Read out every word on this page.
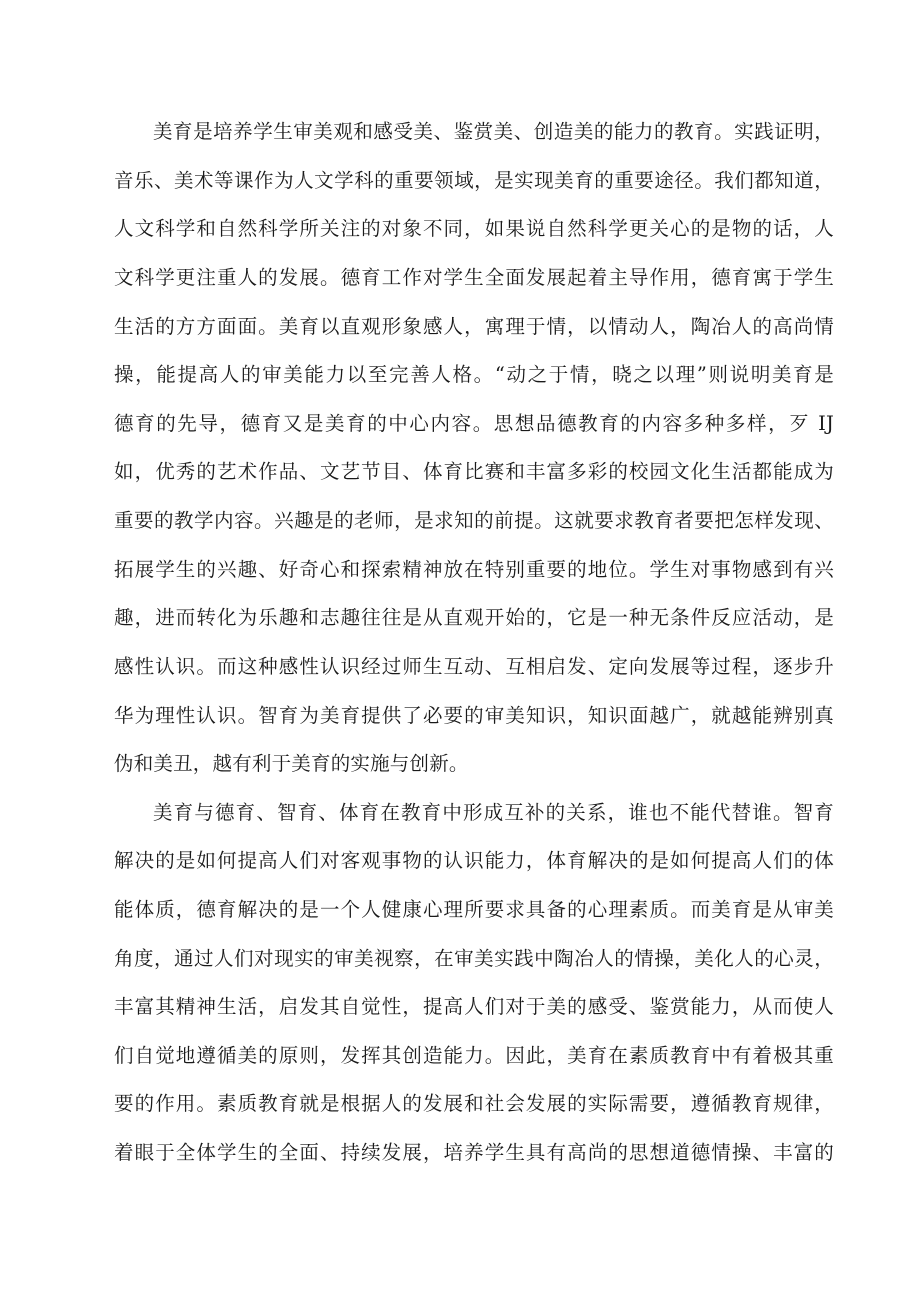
美育是培养学生审美观和感受美、鉴赏美、创造美的能力的教育。实践证明，
音乐、美术等课作为人文学科的重要领域，是实现美育的重要途径。我们都知道，
人文科学和自然科学所关注的对象不同，如果说自然科学更关心的是物的话，人
文科学更注重人的发展。德育工作对学生全面发展起着主导作用，德育寓于学生
生活的方方面面。美育以直观形象感人，寓理于情，以情动人，陶冶人的高尚情
操，能提高人的审美能力以至完善人格。“动之于情，晓之以理”则说明美育是
德育的先导，德育又是美育的中心内容。思想品德教育的内容多种多样，歹 IJ
如，优秀的艺术作品、文艺节目、体育比赛和丰富多彩的校园文化生活都能成为
重要的教学内容。兴趣是的老师，是求知的前提。这就要求教育者要把怎样发现、
拓展学生的兴趣、好奇心和探索精神放在特别重要的地位。学生对事物感到有兴
趣，进而转化为乐趣和志趣往往是从直观开始的，它是一种无条件反应活动，是
感性认识。而这种感性认识经过师生互动、互相启发、定向发展等过程，逐步升
华为理性认识。智育为美育提供了必要的审美知识，知识面越广，就越能辨别真
伪和美丑，越有利于美育的实施与创新。
美育与德育、智育、体育在教育中形成互补的关系，谁也不能代替谁。智育
解决的是如何提高人们对客观事物的认识能力，体育解决的是如何提高人们的体
能体质，德育解决的是一个人健康心理所要求具备的心理素质。而美育是从审美
角度，通过人们对现实的审美视察，在审美实践中陶冶人的情操，美化人的心灵，
丰富其精神生活，启发其自觉性，提高人们对于美的感受、鉴赏能力，从而使人
们自觉地遵循美的原则，发挥其创造能力。因此，美育在素质教育中有着极其重
要的作用。素质教育就是根据人的发展和社会发展的实际需要，遵循教育规律，
着眼于全体学生的全面、持续发展，培养学生具有高尚的思想道德情操、丰富的
